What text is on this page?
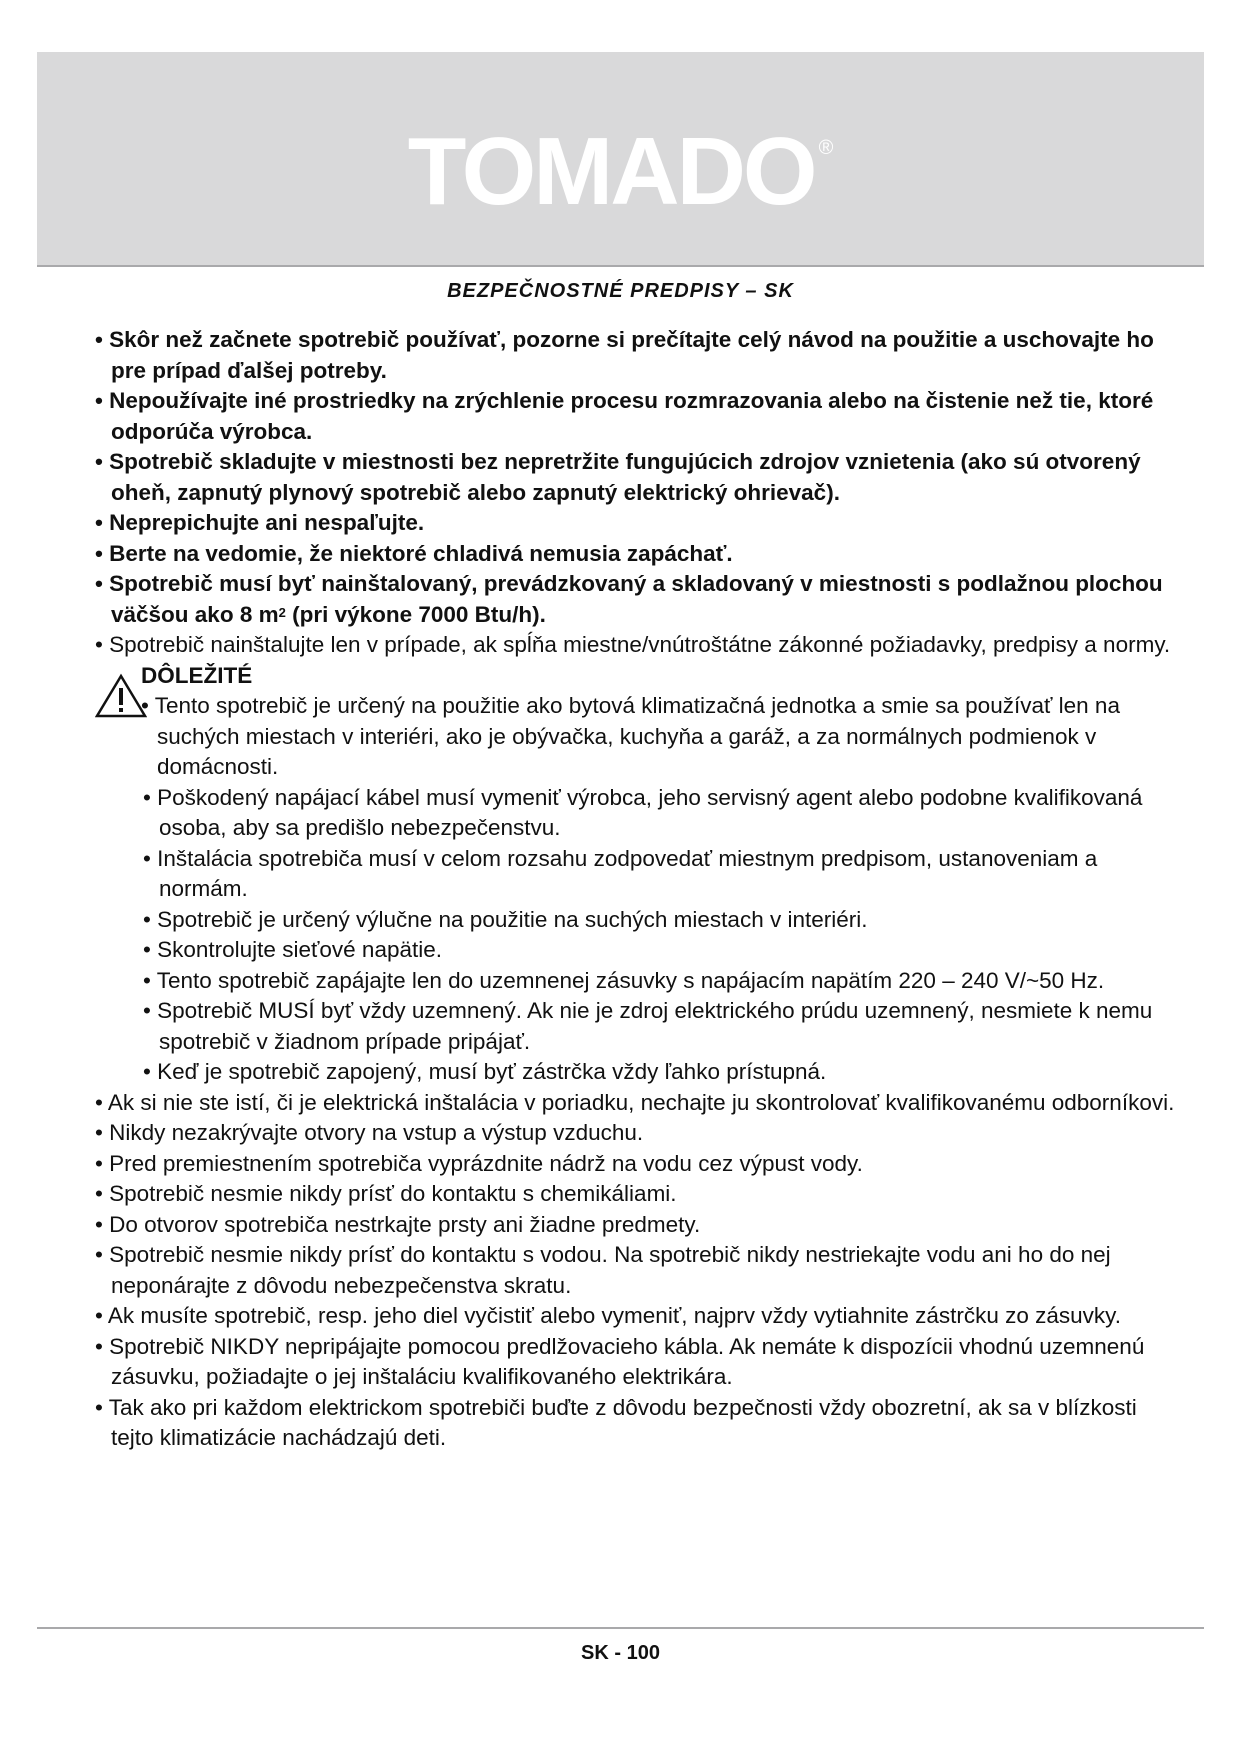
TOMADO ®
BEZPEČNOSTNÉ PREDPISY – SK
• Skôr než začnete spotrebič používať, pozorne si prečítajte celý návod na použitie a uschovajte ho pre prípad ďalšej potreby.
• Nepoužívajte iné prostriedky na zrýchlenie procesu rozmrazovania alebo na čistenie než tie, ktoré odporúča výrobca.
• Spotrebič skladujte v miestnosti bez nepretržite fungujúcich zdrojov vznietenia (ako sú otvorený oheň, zapnutý plynový spotrebič alebo zapnutý elektrický ohrievač).
• Neprepichujte ani nespaľujte.
• Berte na vedomie, že niektoré chladivá nemusia zapáchať.
• Spotrebič musí byť nainštalovaný, prevádzkovaný a skladovaný v miestnosti s podlažnou plochou väčšou ako 8 $m^2$ (pri výkone 7000 Btu/h).
• Spotrebič nainštalujte len v prípade, ak spĺňa miestne/vnútroštátne zákonné požiadavky, predpisy a normy.
DÔLEŽITÉ
• Tento spotrebič je určený na použitie ako bytová klimatizačná jednotka a smie sa používať len na suchých miestach v interiéri, ako je obývačka, kuchyňa a garáž, a za normálnych podmienok v domácnosti.
• Poškodený napájací kábel musí vymeniť výrobca, jeho servisný agent alebo podobne kvalifikovaná osoba, aby sa predišlo nebezpečenstvu.
• Inštalácia spotrebiča musí v celom rozsahu zodpovedať miestnym predpisom, ustanoveniam a normám.
• Spotrebič je určený výlučne na použitie na suchých miestach v interiéri.
• Skontrolujte sieťové napätie.
• Tento spotrebič zapájajte len do uzemnenej zásuvky s napájacím napätím 220 – 240 V/~50 Hz.
• Spotrebič MUSÍ byť vždy uzemnený. Ak nie je zdroj elektrického prúdu uzemnený, nesmiete k nemu spotrebič v žiadnom prípade pripájať.
• Keď je spotrebič zapojený, musí byť zástrčka vždy ľahko prístupná.
• Ak si nie ste istí, či je elektrická inštalácia v poriadku, nechajte ju skontrolovať kvalifikovanému odborníkovi.
• Nikdy nezakrývajte otvory na vstup a výstup vzduchu.
• Pred premiestnením spotrebiča vyprázdnite nádrž na vodu cez výpust vody.
• Spotrebič nesmie nikdy prísť do kontaktu s chemikáliami.
• Do otvorov spotrebiča nestrkajte prsty ani žiadne predmety.
• Spotrebič nesmie nikdy prísť do kontaktu s vodou. Na spotrebič nikdy nestriekajte vodu ani ho do nej neponárajte z dôvodu nebezpečenstva skratu.
• Ak musíte spotrebič, resp. jeho diel vyčistiť alebo vymeniť, najprv vždy vytiahnite zástrčku zo zásuvky.
• Spotrebič NIKDY nepripájajte pomocou predlžovacieho kábla. Ak nemáte k dispozícii vhodnú uzemnenú zásuvku, požiadajte o jej inštaláciu kvalifikovaného elektrikára.
• Tak ako pri každom elektrickom spotrebiči buďte z dôvodu bezpečnosti vždy obozretní, ak sa v blízkosti tejto klimatizácie nachádzajú deti.
SK - 100
